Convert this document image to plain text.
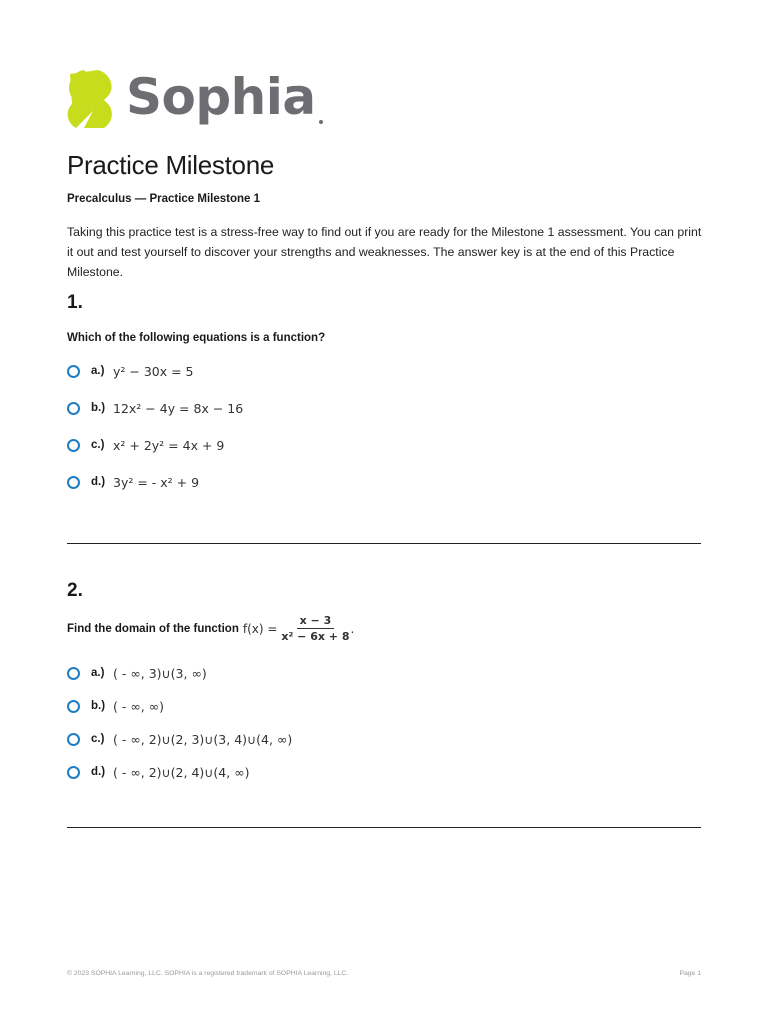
Sophia
Practice Milestone
Precalculus — Practice Milestone 1

Taking this practice test is a stress-free way to find out if you are ready for the Milestone 1 assessment. You can print it out and test yourself to discover your strengths and weaknesses. The answer key is at the end of this Practice Milestone.

1.
Which of the following equations is a function?
a.) y² − 30x = 5
b.) 12x² − 4y = 8x − 16
c.) x² + 2y² = 4x + 9
d.) 3y² = - x² + 9
2.
Find the domain of the function $f(x) = \frac{x - 3}{\text{x² − 6x + 8}}$ .
a.) ( - ∞, 3)∪(3, ∞)
b.) ( - ∞, ∞)
c.) ( - ∞, 2)∪(2, 3)∪(3, 4)∪(4, ∞)
d.) ( - ∞, 2)∪(2, 4)∪(4, ∞)
© 2023 SOPHIA Learning, LLC. SOPHIA is a registered trademark of SOPHIA Learning, LLC.	Page 1
